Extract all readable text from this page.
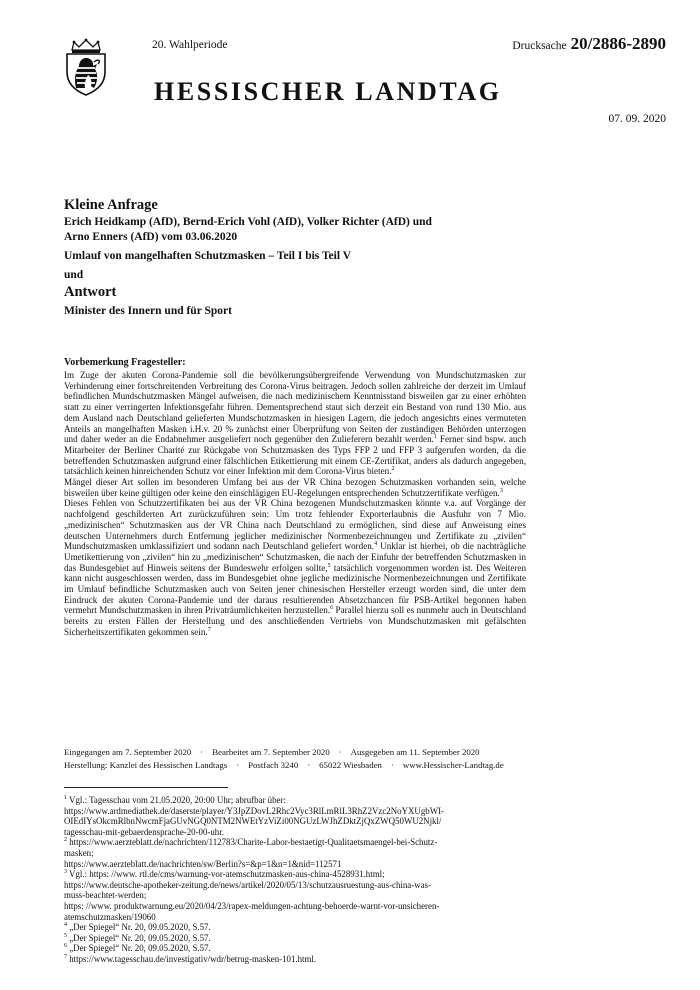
20. Wahlperiode	Drucksache 20/2886-2890
HESSISCHER LANDTAG
07. 09. 2020
Kleine Anfrage
Erich Heidkamp (AfD), Bernd-Erich Vohl (AfD), Volker Richter (AfD) und
Arno Enners (AfD) vom 03.06.2020
Umlauf von mangelhaften Schutzmasken – Teil I bis Teil V
und
Antwort
Minister des Innern und für Sport
Vorbemerkung Fragesteller:

Im Zuge der akuten Corona-Pandemie soll die bevölkerungsübergreifende Verwendung von Mundschutzmasken zur Verhinderung einer fortschreitenden Verbreitung des Corona-Virus beitragen. Jedoch sollen zahlreiche der derzeit im Umlauf befindlichen Mundschutzmasken Mängel aufweisen, die nach medizinischem Kenntnisstand bisweilen gar zu einer erhöhten statt zu einer verringerten Infektionsgefahr führen. Dementsprechend staut sich derzeit ein Bestand von rund 130 Mio. aus dem Ausland nach Deutschland gelieferten Mundschutzmasken in hiesigen Lagern, die jedoch angesichts eines vermuteten Anteils an mangelhaften Masken i.H.v. 20 % zunächst einer Überprüfung von Seiten der zuständigen Behörden unterzogen und daher weder an die Endabnehmer ausgeliefert noch gegenüber den Zulieferern bezahlt werden.$^1$ Ferner sind bspw. auch Mitarbeiter der Berliner Charité zur Rückgabe von Schutzmasken des Typs FFP 2 und FFP 3 aufgerufen worden, da die betreffenden Schutzmasken aufgrund einer fälschlichen Etikettierung mit einem CE-Zertifikat, anders als dadurch angegeben, tatsächlich keinen hinreichenden Schutz vor einer Infektion mit dem Corona-Virus bieten.$^2$

Mängel dieser Art sollen im besonderen Umfang bei aus der VR China bezogen Schutzmasken vorhanden sein, welche bisweilen über keine gültigen oder keine den einschlägigen EU-Regelungen entsprechenden Schutzzertifikate verfügen.$^3$

Dieses Fehlen von Schutzzertifikaten bei aus der VR China bezogenen Mundschutzmasken könnte v.a. auf Vorgänge der nachfolgend geschilderten Art zurückzuführen sein: Um trotz fehlender Exporterlaubnis die Ausfuhr von 7 Mio. „medizinischen“ Schutzmasken aus der VR China nach Deutschland zu ermöglichen, sind diese auf Anweisung eines deutschen Unternehmers durch Entfernung jeglicher medizinischer Normenbezeichnungen und Zertifikate zu „zivilen“ Mundschutzmasken umklassifiziert und sodann nach Deutschland geliefert worden.$^4$ Unklar ist hierbei, ob die nachträgliche Umetikettierung von „zivilen“ hin zu „medizinischen“ Schutzmasken, die nach der Einfuhr der betreffenden Schutzmasken in das Bundesgebiet auf Hinweis seitens der Bundeswehr erfolgen sollte,$^5$ tatsächlich vorgenommen worden ist. Des Weiteren kann nicht ausgeschlossen werden, dass im Bundesgebiet ohne jegliche medizinische Normenbezeichnungen und Zertifikate im Umlauf befindliche Schutzmasken auch von Seiten jener chinesischen Hersteller erzeugt worden sind, die unter dem Eindruck der akuten Corona-Pandemie und der daraus resultierenden Absetzchancen für PSB-Artikel begonnen haben vermehrt Mundschutzmasken in ihren Privaträumlichkeiten herzustellen.$^6$ Parallel hierzu soll es nunmehr auch in Deutschland bereits zu ersten Fällen der Herstellung und des anschließenden Vertriebs von Mundschutzmasken mit gefälschten Sicherheitszertifikaten gekommen sein.$^7$

Eingegangen am 7. September 2020 · Bearbeitet am 7. September 2020 · Ausgegeben am 11. September 2020
Herstellung: Kanzlei des Hessischen Landtags · Postfach 3240 · 65022 Wiesbaden · www.Hessischer-Landtag.de
$^1$ Vgl.: Tagesschau vom 21.05.2020, 20:00 Uhr; abrufbar über:
https://www.ardmediathek.de/daserste/player/Y3JpZDovL2Rhc2Vyc3RlLmRlL3RhZ2Vzc2NoYXUgbWI-
OIEdIYsOkcmRlbnNwcmFjaGUvNGQ0NTM2NWEtYzViZi00NGUzLWJhZDktZjQxZWQ50WU2Njkl/
tagesschau-mit-gebaerdensprache-20-00-uhr.
$^2$ https://www.aerzteblatt.de/nachrichten/112783/Charite-Labor-bestaetigt-Qualitaetsmaengel-bei-Schutz-
masken;
https://www.aerzteblatt.de/nachrichten/sw/Berlin?s=&p=1&n=1&nid=112571
$^3$ Vgl.: https: //www. rtl.de/cms/warnung-vor-atemschutzmasken-aus-china-4528931.html;
https://www.deutsche-apotheker-zeitung.de/news/artikel/2020/05/13/schutzausruestung-aus-china-was-
muss-beachtet-werden;
https: //www. produktwarnung.eu/2020/04/23/rapex-meldungen-achtung-behoerde-warnt-vor-unsicheren-
atemschutzmasken/19060
$^4$ „Der Spiegel“ Nr. 20, 09.05.2020, S.57.
$^5$ „Der Spiegel“ Nr. 20, 09.05.2020, S.57.
$^6$ „Der Spiegel“ Nr. 20, 09.05.2020, S.57.
$^7$ https://www.tagesschau.de/investigativ/wdr/betrug-masken-101.html.
